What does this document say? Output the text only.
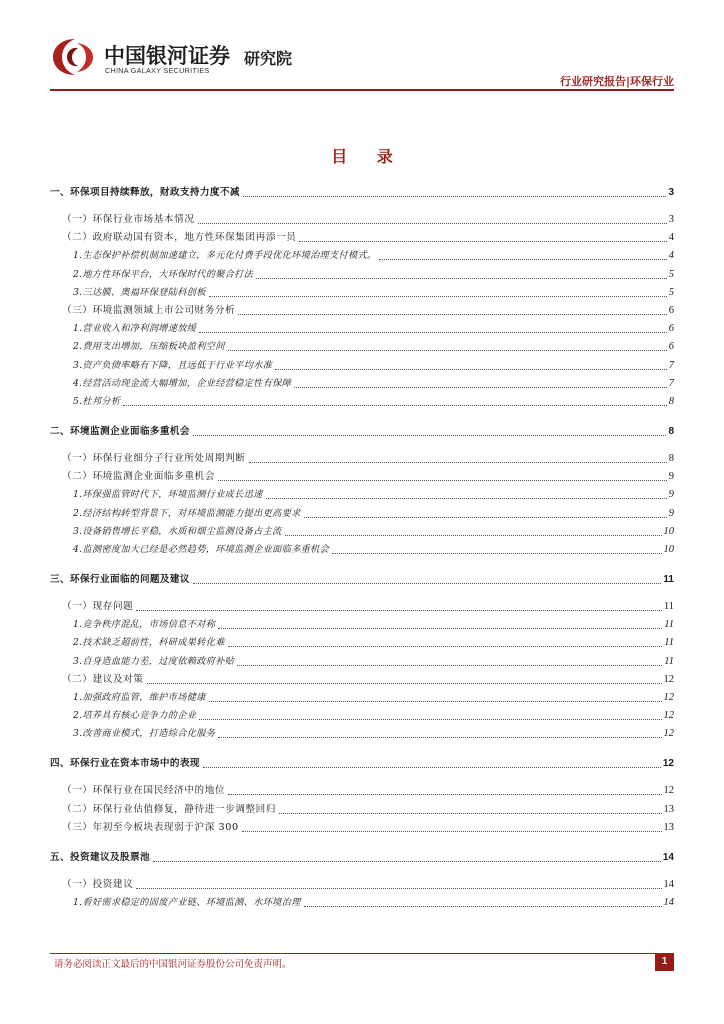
中国银河证券
CHINA GALAXY SECURITIES
研究院
行业研究报告|环保行业
目 录
一、环保项目持续释放，财政支持力度不减	3
（一）环保行业市场基本情况	3
（二）政府联动国有资本，地方性环保集团再添一员	4
1.生态保护补偿机制加速建立，多元化付费手段优化环境治理支付模式。	4
2.地方性环保平台，大环保时代的聚合打法	5
3.三达膜、奥福环保登陆科创板	5
（三）环境监测领域上市公司财务分析	6
1.营业收入和净利润增速放缓	6
2.费用支出增加，压缩板块盈利空间	6
3.资产负债率略有下降，且远低于行业平均水准	7
4.经营活动现金流大幅增加，企业经营稳定性有保障	7
5.杜邦分析	8
二、环境监测企业面临多重机会	8
（一）环保行业细分子行业所处周期判断	8
（二）环境监测企业面临多重机会	9
1.环保强监管时代下，环境监测行业成长迅速	9
2.经济结构转型背景下，对环境监测能力提出更高要求	9
3.设备销售增长平稳，水质和烟尘监测设备占主流	10
4.监测密度加大已经是必然趋势，环境监测企业面临多重机会	10
三、环保行业面临的问题及建议	11
（一）现存问题	11
1.竞争秩序混乱，市场信息不对称	11
2.技术缺乏超前性，科研成果转化难	11
3.自身造血能力差，过度依赖政府补贴	11
（二）建议及对策	12
1.加强政府监管，维护市场健康	12
2.培养具有核心竞争力的企业	12
3.改善商业模式，打造综合化服务	12
四、环保行业在资本市场中的表现	12
（一）环保行业在国民经济中的地位	12
（二）环保行业估值修复，静待进一步调整回归	13
（三）年初至今板块表现弱于沪深 300	13
五、投资建议及股票池	14
（一）投资建议	14
1.看好需求稳定的固废产业链、环境监测、水环境治理	14
请务必阅读正文最后的中国银河证券股份公司免责声明。	1
